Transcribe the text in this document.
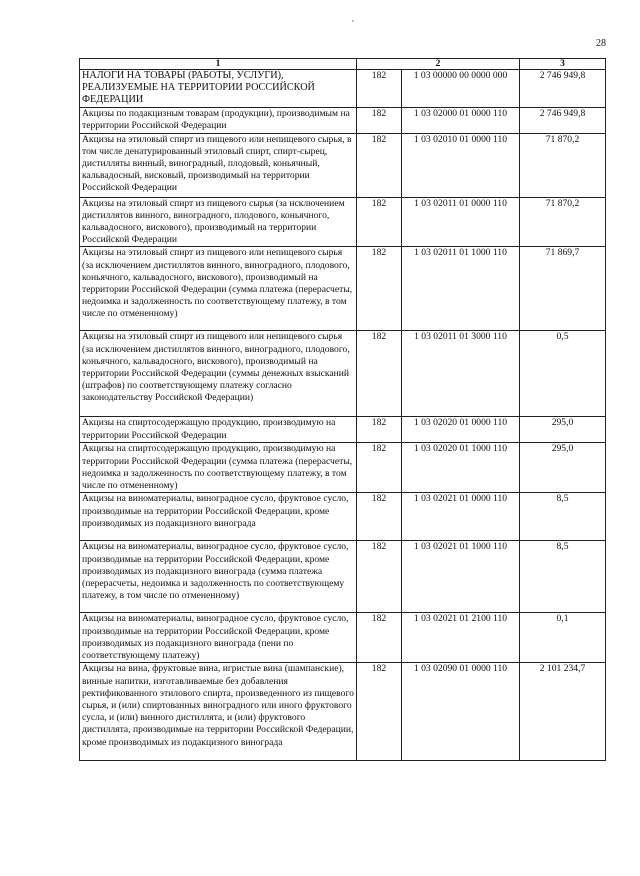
28
1	2		3
НАЛОГИ НА ТОВАРЫ (РАБОТЫ, УСЛУГИ), РЕАЛИЗУЕМЫЕ НА ТЕРРИТОРИИ РОССИЙСКОЙ ФЕДЕРАЦИИ	182	1 03 00000 00 0000 000	2 746 949,8
Акцизы по подакцизным товарам (продукции), производимым на территории Российской Федерации	182	1 03 02000 01 0000 110	2 746 949,8
Акцизы на этиловый спирт из пищевого или непищевого сырья, в том числе денатурированный этиловый спирт, спирт-сырец, дистилляты винный, виноградный, плодовый, коньячный, кальвадосный, висковый, производимый на территории Российской Федерации	182	1 03 02010 01 0000 110	71 870,2
Акцизы на этиловый спирт из пищевого сырья (за исключением дистиллятов винного, виноградного, плодового, коньячного, кальвадосного, вискового), производимый на территории Российской Федерации	182	1 03 02011 01 0000 110	71 870,2
Акцизы на этиловый спирт из пищевого или непищевого сырья (за исключением дистиллятов винного, виноградного, плодового, коньячного, кальвадосного, вискового), производимый на территории Российской Федерации (сумма платежа (перерасчеты, недоимка и задолженность по соответствующему платежу, в том числе по отмененному)	182	1 03 02011 01 1000 110	71 869,7
Акцизы на этиловый спирт из пищевого или непищевого сырья (за исключением дистиллятов винного, виноградного, плодового, коньячного, кальвадосного, вискового), производимый на территории Российской Федерации (суммы денежных взысканий (штрафов) по соответствующему платежу согласно законодательству Российской Федерации)	182	1 03 02011 01 3000 110	0,5
Акцизы на спиртосодержащую продукцию, производимую на территории Российской Федерации	182	1 03 02020 01 0000 110	295,0
Акцизы на спиртосодержащую продукцию, производимую на территории Российской Федерации (сумма платежа (перерасчеты, недоимка и задолженность по соответствующему платежу, в том числе по отмененному)	182	1 03 02020 01 1000 110	295,0
Акцизы на виноматериалы, виноградное сусло, фруктовое сусло, производимые на территории Российской Федерации, кроме производимых из подакцизного винограда	182	1 03 02021 01 0000 110	8,5
Акцизы на виноматериалы, виноградное сусло, фруктовое сусло, производимые на территории Российской Федерации, кроме производимых из подакцизного винограда (сумма платежа (перерасчеты, недоимка и задолженность по соответствующему платежу, в том числе по отмененному)	182	1 03 02021 01 1000 110	8,5
Акцизы на виноматериалы, виноградное сусло, фруктовое сусло, производимые на территории Российской Федерации, кроме производимых из подакцизного винограда (пени по соответствующему платежу)	182	1 03 02021 01 2100 110	0,1
Акцизы на вина, фруктовые вина, игристые вина (шампанские), винные напитки, изготавливаемые без добавления ректификованного этилового спирта, произведенного из пищевого сырья, и (или) спиртованных виноградного или иного фруктового сусла, и (или) винного дистиллята, и (или) фруктового дистиллята, производимые на территории Российской Федерации, кроме производимых из подакцизного винограда	182	1 03 02090 01 0000 110	2 101 234,7
